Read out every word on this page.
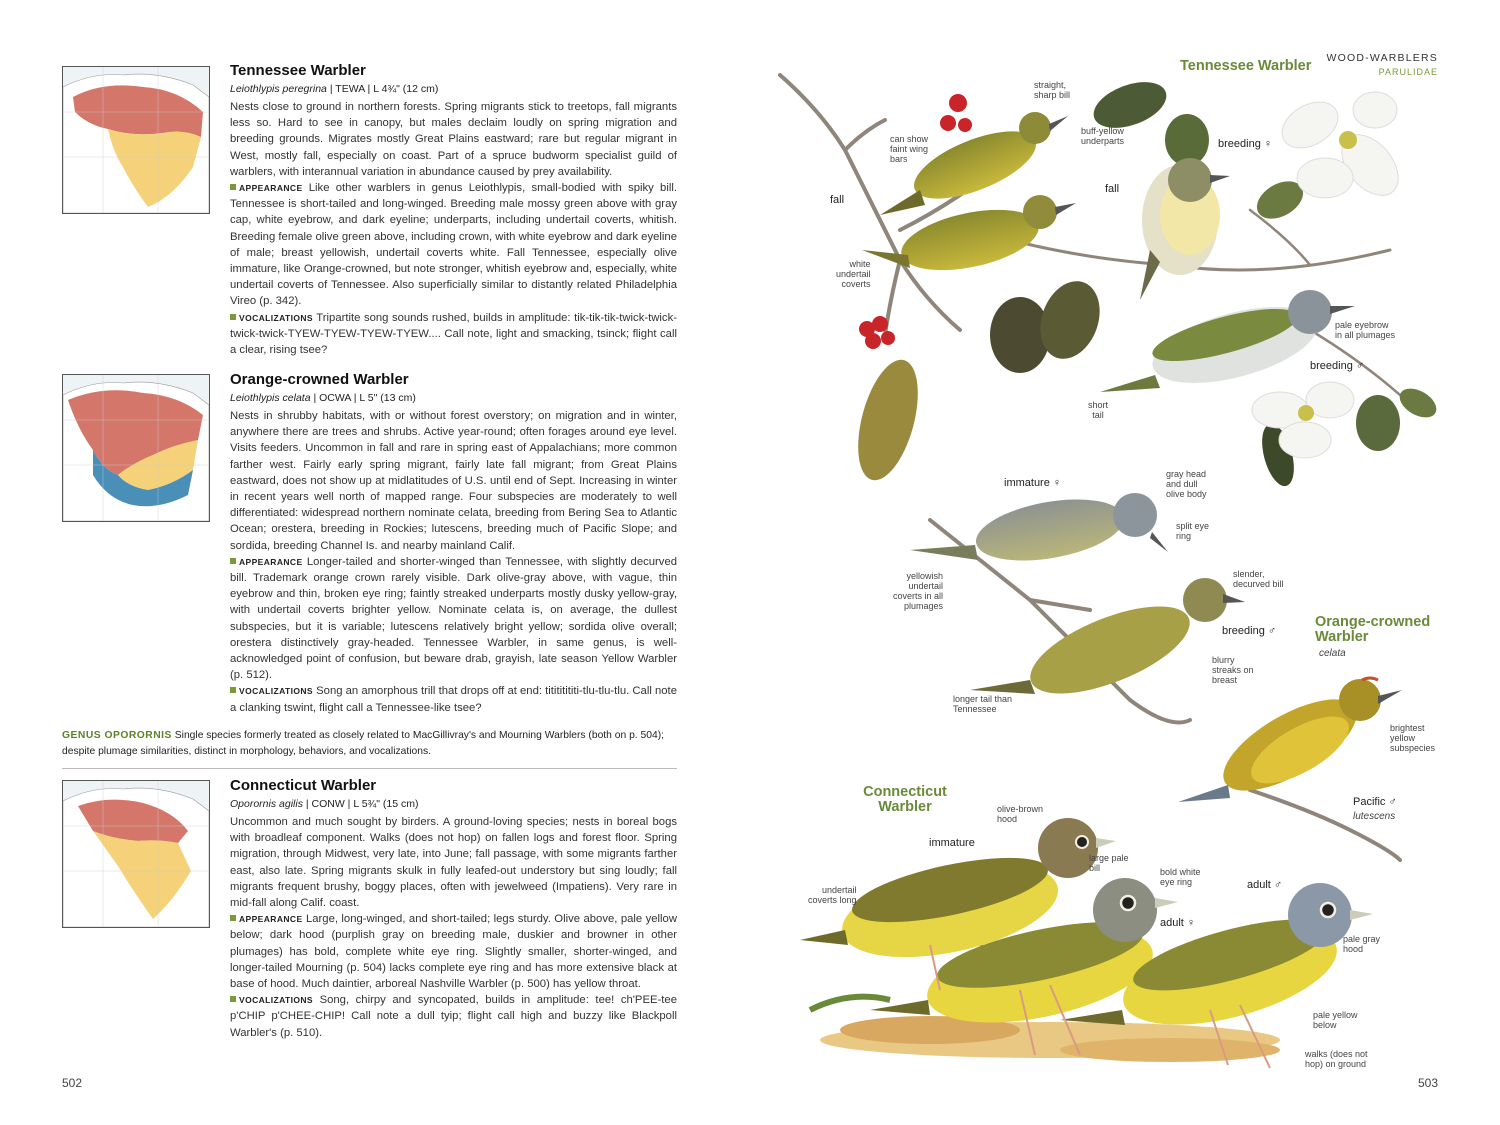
Tennessee Warbler
Leiothlypis peregrina | TEWA | L 4¾" (12 cm)

Nests close to ground in northern forests. Spring migrants stick to treetops, fall migrants less so. Hard to see in canopy, but males declaim loudly on spring migration and breeding grounds. Migrates mostly Great Plains eastward; rare but regular migrant in West, mostly fall, especially on coast. Part of a spruce budworm specialist guild of warblers, with interannual variation in abundance caused by prey availability.

APPEARANCE Like other warblers in genus Leiothlypis, small-bodied with spiky bill. Tennessee is short-tailed and long-winged. Breeding male mossy green above with gray cap, white eyebrow, and dark eyeline; underparts, including undertail coverts, whitish. Breeding female olive green above, including crown, with white eyebrow and dark eyeline of male; breast yellowish, undertail coverts white. Fall Tennessee, especially olive immature, like Orange-crowned, but note stronger, whitish eyebrow and, especially, white undertail coverts of Tennessee. Also superficially similar to distantly related Philadelphia Vireo (p. 342).

VOCALIZATIONS Tripartite song sounds rushed, builds in amplitude: tik-tik-tik-twick-twick-twick-twick-TYEW-TYEW-TYEW-TYEW.... Call note, light and smacking, tsinck; flight call a clear, rising tsee?

Orange-crowned Warbler
Leiothlypis celata | OCWA | L 5" (13 cm)

Nests in shrubby habitats, with or without forest overstory; on migration and in winter, anywhere there are trees and shrubs. Active year-round; often forages around eye level. Visits feeders. Uncommon in fall and rare in spring east of Appalachians; more common farther west. Fairly early spring migrant, fairly late fall migrant; from Great Plains eastward, does not show up at midlatitudes of U.S. until end of Sept. Increasing in winter in recent years well north of mapped range. Four subspecies are moderately to well differentiated: widespread northern nominate celata, breeding from Bering Sea to Atlantic Ocean; orestera, breeding in Rockies; lutescens, breeding much of Pacific Slope; and sordida, breeding Channel Is. and nearby mainland Calif.

APPEARANCE Longer-tailed and shorter-winged than Tennessee, with slightly decurved bill. Trademark orange crown rarely visible. Dark olive-gray above, with vague, thin eyebrow and thin, broken eye ring; faintly streaked underparts mostly dusky yellow-gray, with undertail coverts brighter yellow. Nominate celata is, on average, the dullest subspecies, but it is variable; lutescens relatively bright yellow; sordida olive overall; orestera distinctively gray-headed. Tennessee Warbler, in same genus, is well-acknowledged point of confusion, but beware drab, grayish, late season Yellow Warbler (p. 512).

VOCALIZATIONS Song an amorphous trill that drops off at end: titititititi-tlu-tlu-tlu. Call note a clanking tswint, flight call a Tennessee-like tsee?

GENUS OPORORNIS Single species formerly treated as closely related to MacGillivray's and Mourning Warblers (both on p. 504); despite plumage similarities, distinct in morphology, behaviors, and vocalizations.
Connecticut Warbler
Oporornis agilis | CONW | L 5¾" (15 cm)

Uncommon and much sought by birders. A ground-loving species; nests in boreal bogs with broadleaf component. Walks (does not hop) on fallen logs and forest floor. Spring migration, through Midwest, very late, into June; fall passage, with some migrants farther east, also late. Spring migrants skulk in fully leafed-out understory but sing loudly; fall migrants frequent brushy, boggy places, often with jewelweed (Impatiens). Very rare in mid-fall along Calif. coast.

APPEARANCE Large, long-winged, and short-tailed; legs sturdy. Olive above, pale yellow below; dark hood (purplish gray on breeding male, duskier and browner in other plumages) has bold, complete white eye ring. Slightly smaller, shorter-winged, and longer-tailed Mourning (p. 504) lacks complete eye ring and has more extensive black at base of hood. Much daintier, arboreal Nashville Warbler (p. 500) has yellow throat.

VOCALIZATIONS Song, chirpy and syncopated, builds in amplitude: tee! ch'PEE-tee p'CHIP p'CHEE-CHIP! Call note a dull tyip; flight call high and buzzy like Blackpoll Warbler's (p. 510).

502
WOOD-WARBLERS
PARULIDAE
Tennessee Warbler
Orange-crowned Warbler
celata
Connecticut Warbler
fall
fall
breeding ♀
breeding ♂
immature ♀
breeding ♂
Pacific ♂
lutescens
immature
adult ♀
adult ♂
straight,
sharp bill
can show
faint wing
bars
buff-yellow
underparts
white
undertail
coverts
pale eyebrow
in all plumages
short
tail
gray head
and dull
olive body
split eye
ring
yellowish
undertail
coverts in all
plumages
slender,
decurved bill
blurry
streaks on
breast
longer tail than
Tennessee
brightest
yellow
subspecies
olive-brown
hood
large pale
bill	bold white
eye ring
undertail
coverts long
pale gray
hood
pale yellow
below
walks (does not
hop) on ground
503
